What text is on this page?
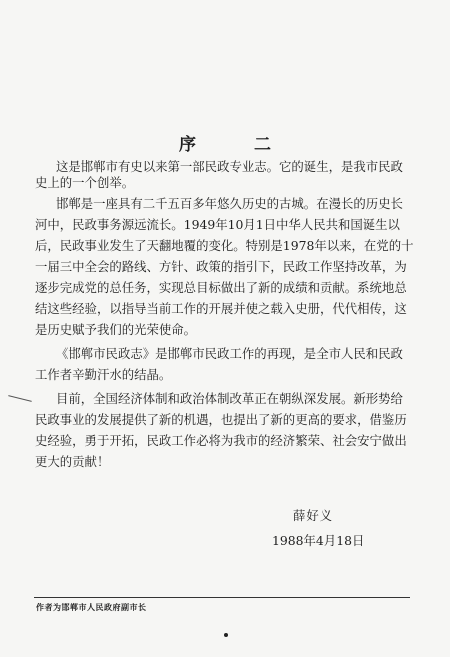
序 二
这是邯郸市有史以来第一部民政专业志。它的诞生，是我市民政
史上的一个创举。
邯郸是一座具有二千五百多年悠久历史的古城。在漫长的历史长
河中，民政事务源远流长。1949年10月1日中华人民共和国诞生以
后，民政事业发生了天翻地覆的变化。特别是1978年以来，在党的十
一届三中全会的路线、方针、政策的指引下，民政工作坚持改革，为
逐步完成党的总任务，实现总目标做出了新的成绩和贡献。系统地总
结这些经验，以指导当前工作的开展并使之载入史册，代代相传，这
是历史赋予我们的光荣使命。
《邯郸市民政志》是邯郸市民政工作的再现，是全市人民和民政
工作者辛勤汗水的结晶。
目前，全国经济体制和政治体制改革正在朝纵深发展。新形势给
民政事业的发展提供了新的机遇，也提出了新的更高的要求，借鉴历
史经验，勇于开拓，民政工作必将为我市的经济繁荣、社会安宁做出
薛好义
1988年4月18日
作者为邯郸市人民政府副市长
更大的贡献！
